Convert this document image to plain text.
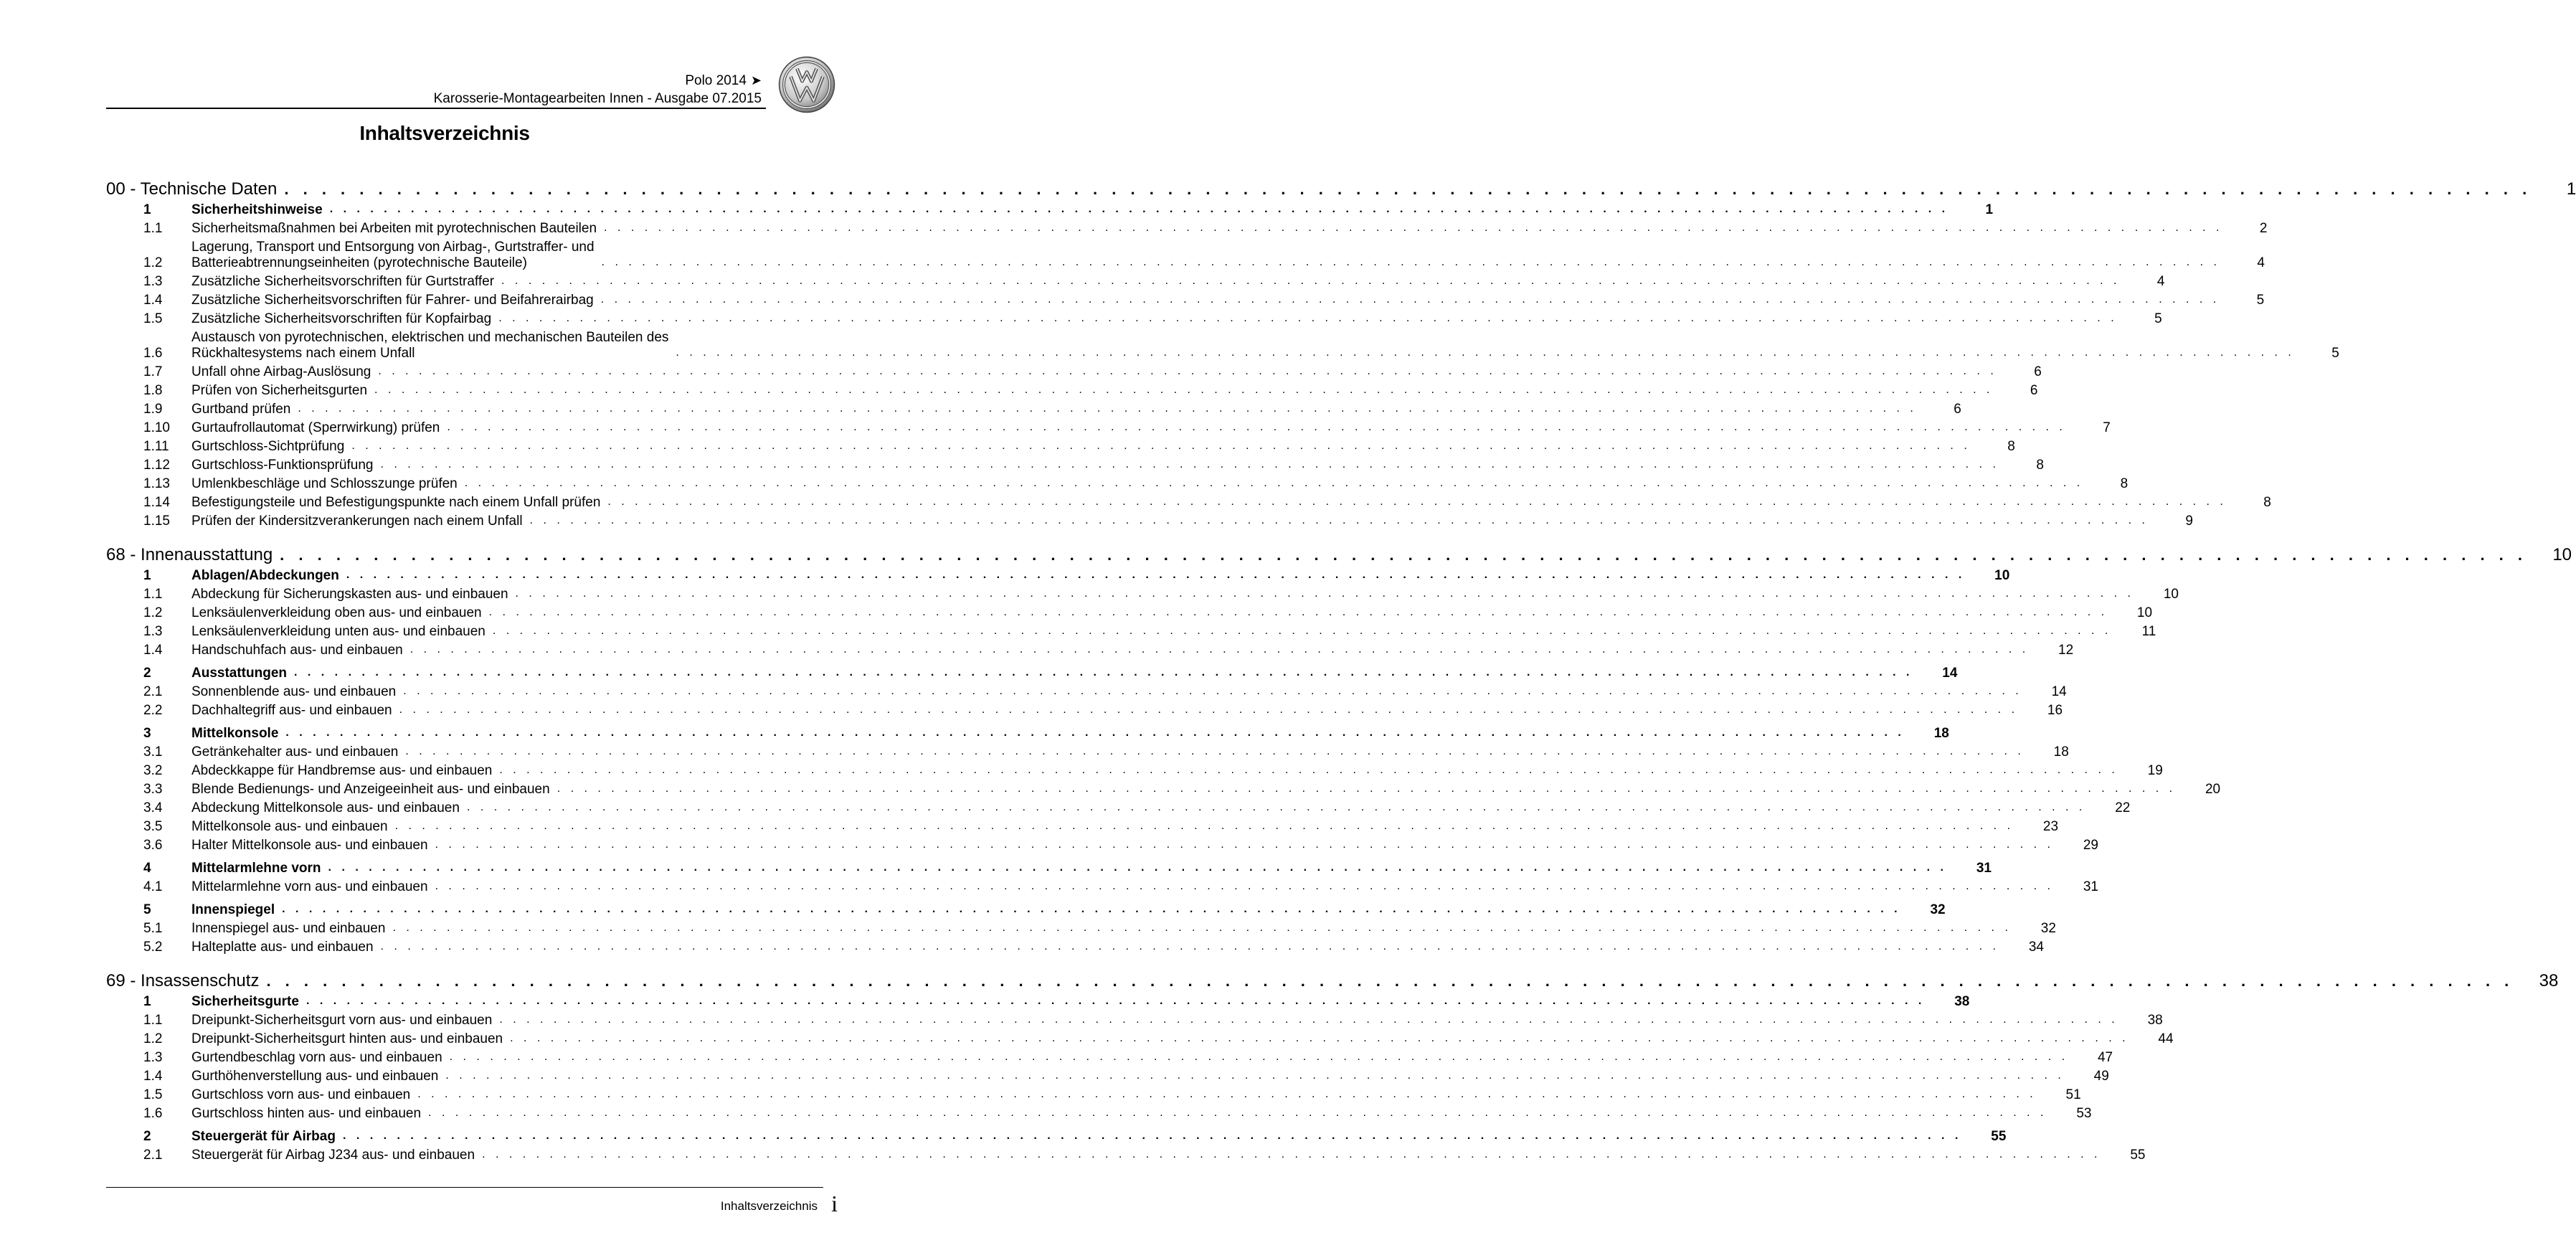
Polo 2014 ➤
Karosserie-Montagearbeiten Innen - Ausgabe 07.2015
Inhaltsverzeichnis
00 - Technische Daten . . . . . . . . . . . . . . . . . . . . . . . . . . . . . . . . . . . . . . . . . . . . . . . . . . . . . . . . . . . . . . . . . . . . . . . . . . . . . . . . . . . . . . . . . . . . . . . . . . . . . . . . . . . . . . . . . . . . . . . .	1
1	Sicherheitshinweise . . . . . . . . . . . . . . . . . . . . . . . . . . . . . . . . . . . . . . . . . . . . . . . . . . . . . . . . . . . . . . . . . . . . . . . . . . . . . . . . . . . . . . . . . . . . . . . . . . . . . . . . . . . . . . . . . . . . . . . .	1
1.1	Sicherheitsmaßnahmen bei Arbeiten mit pyrotechnischen Bauteilen . . . . . . . . . . . . . . . . . . . . . . . . . . . . . . . . . . . . . . . . . . . . . . . . . . . . . . . . . . . . . . . . . . . . . . . . . . . . . . . . . . . . . . . . . . . . . . . . . . . . . . . . . . . . . . . . . . . . . . . .	2
1.2
Lagerung, Transport und Entsorgung von Airbag-, Gurtstraffer- und
Batterieabtrennungseinheiten (pyrotechnische Bauteile)	. . . . . . . . . . . . . . . . . . . . . . . . . . . . . . . . . . . . . . . . . . . . . . . . . . . . . . . . . . . . . . . . . . . . . . . . . . . . . . . . . . . . . . . . . . . . . . . . . . . . . . . . . . . . . . . . . . . . . . . .	4
1.3	Zusätzliche Sicherheitsvorschriften für Gurtstraffer . . . . . . . . . . . . . . . . . . . . . . . . . . . . . . . . . . . . . . . . . . . . . . . . . . . . . . . . . . . . . . . . . . . . . . . . . . . . . . . . . . . . . . . . . . . . . . . . . . . . . . . . . . . . . . . . . . . . . . . .	4
1.4	Zusätzliche Sicherheitsvorschriften für Fahrer- und Beifahrerairbag . . . . . . . . . . . . . . . . . . . . . . . . . . . . . . . . . . . . . . . . . . . . . . . . . . . . . . . . . . . . . . . . . . . . . . . . . . . . . . . . . . . . . . . . . . . . . . . . . . . . . . . . . . . . . . . . . . . . . . . .	5
1.5	Zusätzliche Sicherheitsvorschriften für Kopfairbag . . . . . . . . . . . . . . . . . . . . . . . . . . . . . . . . . . . . . . . . . . . . . . . . . . . . . . . . . . . . . . . . . . . . . . . . . . . . . . . . . . . . . . . . . . . . . . . . . . . . . . . . . . . . . . . . . . . . . . . .	5
1.6
Austausch von pyrotechnischen, elektrischen und mechanischen Bauteilen des
Rückhaltesystems nach einem Unfall	. . . . . . . . . . . . . . . . . . . . . . . . . . . . . . . . . . . . . . . . . . . . . . . . . . . . . . . . . . . . . . . . . . . . . . . . . . . . . . . . . . . . . . . . . . . . . . . . . . . . . . . . . . . . . . . . . . . . . . . .	5
1.7	Unfall ohne Airbag-Auslösung . . . . . . . . . . . . . . . . . . . . . . . . . . . . . . . . . . . . . . . . . . . . . . . . . . . . . . . . . . . . . . . . . . . . . . . . . . . . . . . . . . . . . . . . . . . . . . . . . . . . . . . . . . . . . . . . . . . . . . . .	6
1.8	Prüfen von Sicherheitsgurten . . . . . . . . . . . . . . . . . . . . . . . . . . . . . . . . . . . . . . . . . . . . . . . . . . . . . . . . . . . . . . . . . . . . . . . . . . . . . . . . . . . . . . . . . . . . . . . . . . . . . . . . . . . . . . . . . . . . . . . .	6
1.9	Gurtband prüfen . . . . . . . . . . . . . . . . . . . . . . . . . . . . . . . . . . . . . . . . . . . . . . . . . . . . . . . . . . . . . . . . . . . . . . . . . . . . . . . . . . . . . . . . . . . . . . . . . . . . . . . . . . . . . . . . . . . . . . . .	6
1.10	Gurtaufrollautomat (Sperrwirkung) prüfen . . . . . . . . . . . . . . . . . . . . . . . . . . . . . . . . . . . . . . . . . . . . . . . . . . . . . . . . . . . . . . . . . . . . . . . . . . . . . . . . . . . . . . . . . . . . . . . . . . . . . . . . . . . . . . . . . . . . . . . .	7
1.11	Gurtschloss-Sichtprüfung . . . . . . . . . . . . . . . . . . . . . . . . . . . . . . . . . . . . . . . . . . . . . . . . . . . . . . . . . . . . . . . . . . . . . . . . . . . . . . . . . . . . . . . . . . . . . . . . . . . . . . . . . . . . . . . . . . . . . . . .	8
1.12	Gurtschloss-Funktionsprüfung . . . . . . . . . . . . . . . . . . . . . . . . . . . . . . . . . . . . . . . . . . . . . . . . . . . . . . . . . . . . . . . . . . . . . . . . . . . . . . . . . . . . . . . . . . . . . . . . . . . . . . . . . . . . . . . . . . . . . . . .	8
1.13	Umlenkbeschläge und Schlosszunge prüfen . . . . . . . . . . . . . . . . . . . . . . . . . . . . . . . . . . . . . . . . . . . . . . . . . . . . . . . . . . . . . . . . . . . . . . . . . . . . . . . . . . . . . . . . . . . . . . . . . . . . . . . . . . . . . . . . . . . . . . . .	8
1.14	Befestigungsteile und Befestigungspunkte nach einem Unfall prüfen . . . . . . . . . . . . . . . . . . . . . . . . . . . . . . . . . . . . . . . . . . . . . . . . . . . . . . . . . . . . . . . . . . . . . . . . . . . . . . . . . . . . . . . . . . . . . . . . . . . . . . . . . . . . . . . . . . . . . . . .	8
1.15	Prüfen der Kindersitzverankerungen nach einem Unfall . . . . . . . . . . . . . . . . . . . . . . . . . . . . . . . . . . . . . . . . . . . . . . . . . . . . . . . . . . . . . . . . . . . . . . . . . . . . . . . . . . . . . . . . . . . . . . . . . . . . . . . . . . . . . . . . . . . . . . . .	9
68 - Innenausstattung . . . . . . . . . . . . . . . . . . . . . . . . . . . . . . . . . . . . . . . . . . . . . . . . . . . . . . . . . . . . . . . . . . . . . . . . . . . . . . . . . . . . . . . . . . . . . . . . . . . . . . . . . . . . . . . . . . . . . . . .	10
1	Ablagen/Abdeckungen . . . . . . . . . . . . . . . . . . . . . . . . . . . . . . . . . . . . . . . . . . . . . . . . . . . . . . . . . . . . . . . . . . . . . . . . . . . . . . . . . . . . . . . . . . . . . . . . . . . . . . . . . . . . . . . . . . . . . . . .	10
1.1	Abdeckung für Sicherungskasten aus- und einbauen . . . . . . . . . . . . . . . . . . . . . . . . . . . . . . . . . . . . . . . . . . . . . . . . . . . . . . . . . . . . . . . . . . . . . . . . . . . . . . . . . . . . . . . . . . . . . . . . . . . . . . . . . . . . . . . . . . . . . . . .	10
1.2	Lenksäulenverkleidung oben aus- und einbauen . . . . . . . . . . . . . . . . . . . . . . . . . . . . . . . . . . . . . . . . . . . . . . . . . . . . . . . . . . . . . . . . . . . . . . . . . . . . . . . . . . . . . . . . . . . . . . . . . . . . . . . . . . . . . . . . . . . . . . . .	10
1.3	Lenksäulenverkleidung unten aus- und einbauen . . . . . . . . . . . . . . . . . . . . . . . . . . . . . . . . . . . . . . . . . . . . . . . . . . . . . . . . . . . . . . . . . . . . . . . . . . . . . . . . . . . . . . . . . . . . . . . . . . . . . . . . . . . . . . . . . . . . . . . .	11
1.4	Handschuhfach aus- und einbauen . . . . . . . . . . . . . . . . . . . . . . . . . . . . . . . . . . . . . . . . . . . . . . . . . . . . . . . . . . . . . . . . . . . . . . . . . . . . . . . . . . . . . . . . . . . . . . . . . . . . . . . . . . . . . . . . . . . . . . . .	12
2	Ausstattungen . . . . . . . . . . . . . . . . . . . . . . . . . . . . . . . . . . . . . . . . . . . . . . . . . . . . . . . . . . . . . . . . . . . . . . . . . . . . . . . . . . . . . . . . . . . . . . . . . . . . . . . . . . . . . . . . . . . . . . . .	14
2.1	Sonnenblende aus- und einbauen . . . . . . . . . . . . . . . . . . . . . . . . . . . . . . . . . . . . . . . . . . . . . . . . . . . . . . . . . . . . . . . . . . . . . . . . . . . . . . . . . . . . . . . . . . . . . . . . . . . . . . . . . . . . . . . . . . . . . . . .	14
2.2	Dachhaltegriff aus- und einbauen . . . . . . . . . . . . . . . . . . . . . . . . . . . . . . . . . . . . . . . . . . . . . . . . . . . . . . . . . . . . . . . . . . . . . . . . . . . . . . . . . . . . . . . . . . . . . . . . . . . . . . . . . . . . . . . . . . . . . . . .	16
3	Mittelkonsole . . . . . . . . . . . . . . . . . . . . . . . . . . . . . . . . . . . . . . . . . . . . . . . . . . . . . . . . . . . . . . . . . . . . . . . . . . . . . . . . . . . . . . . . . . . . . . . . . . . . . . . . . . . . . . . . . . . . . . . .	18
3.1	Getränkehalter aus- und einbauen . . . . . . . . . . . . . . . . . . . . . . . . . . . . . . . . . . . . . . . . . . . . . . . . . . . . . . . . . . . . . . . . . . . . . . . . . . . . . . . . . . . . . . . . . . . . . . . . . . . . . . . . . . . . . . . . . . . . . . . .	18
3.2	Abdeckkappe für Handbremse aus- und einbauen . . . . . . . . . . . . . . . . . . . . . . . . . . . . . . . . . . . . . . . . . . . . . . . . . . . . . . . . . . . . . . . . . . . . . . . . . . . . . . . . . . . . . . . . . . . . . . . . . . . . . . . . . . . . . . . . . . . . . . . .	19
3.3	Blende Bedienungs- und Anzeigeeinheit aus- und einbauen . . . . . . . . . . . . . . . . . . . . . . . . . . . . . . . . . . . . . . . . . . . . . . . . . . . . . . . . . . . . . . . . . . . . . . . . . . . . . . . . . . . . . . . . . . . . . . . . . . . . . . . . . . . . . . . . . . . . . . . .	20
3.4	Abdeckung Mittelkonsole aus- und einbauen . . . . . . . . . . . . . . . . . . . . . . . . . . . . . . . . . . . . . . . . . . . . . . . . . . . . . . . . . . . . . . . . . . . . . . . . . . . . . . . . . . . . . . . . . . . . . . . . . . . . . . . . . . . . . . . . . . . . . . . .	22
3.5	Mittelkonsole aus- und einbauen . . . . . . . . . . . . . . . . . . . . . . . . . . . . . . . . . . . . . . . . . . . . . . . . . . . . . . . . . . . . . . . . . . . . . . . . . . . . . . . . . . . . . . . . . . . . . . . . . . . . . . . . . . . . . . . . . . . . . . . .	23
3.6	Halter Mittelkonsole aus- und einbauen . . . . . . . . . . . . . . . . . . . . . . . . . . . . . . . . . . . . . . . . . . . . . . . . . . . . . . . . . . . . . . . . . . . . . . . . . . . . . . . . . . . . . . . . . . . . . . . . . . . . . . . . . . . . . . . . . . . . . . . .	29
4	Mittelarmlehne vorn . . . . . . . . . . . . . . . . . . . . . . . . . . . . . . . . . . . . . . . . . . . . . . . . . . . . . . . . . . . . . . . . . . . . . . . . . . . . . . . . . . . . . . . . . . . . . . . . . . . . . . . . . . . . . . . . . . . . . . . .	31
4.1	Mittelarmlehne vorn aus- und einbauen . . . . . . . . . . . . . . . . . . . . . . . . . . . . . . . . . . . . . . . . . . . . . . . . . . . . . . . . . . . . . . . . . . . . . . . . . . . . . . . . . . . . . . . . . . . . . . . . . . . . . . . . . . . . . . . . . . . . . . . .	31
5	Innenspiegel . . . . . . . . . . . . . . . . . . . . . . . . . . . . . . . . . . . . . . . . . . . . . . . . . . . . . . . . . . . . . . . . . . . . . . . . . . . . . . . . . . . . . . . . . . . . . . . . . . . . . . . . . . . . . . . . . . . . . . . .	32
5.1	Innenspiegel aus- und einbauen . . . . . . . . . . . . . . . . . . . . . . . . . . . . . . . . . . . . . . . . . . . . . . . . . . . . . . . . . . . . . . . . . . . . . . . . . . . . . . . . . . . . . . . . . . . . . . . . . . . . . . . . . . . . . . . . . . . . . . . .	32
5.2	Halteplatte aus- und einbauen . . . . . . . . . . . . . . . . . . . . . . . . . . . . . . . . . . . . . . . . . . . . . . . . . . . . . . . . . . . . . . . . . . . . . . . . . . . . . . . . . . . . . . . . . . . . . . . . . . . . . . . . . . . . . . . . . . . . . . . .	34
69 - Insassenschutz . . . . . . . . . . . . . . . . . . . . . . . . . . . . . . . . . . . . . . . . . . . . . . . . . . . . . . . . . . . . . . . . . . . . . . . . . . . . . . . . . . . . . . . . . . . . . . . . . . . . . . . . . . . . . . . . . . . . . . . .	38
1	Sicherheitsgurte . . . . . . . . . . . . . . . . . . . . . . . . . . . . . . . . . . . . . . . . . . . . . . . . . . . . . . . . . . . . . . . . . . . . . . . . . . . . . . . . . . . . . . . . . . . . . . . . . . . . . . . . . . . . . . . . . . . . . . . .	38
1.1	Dreipunkt-Sicherheitsgurt vorn aus- und einbauen . . . . . . . . . . . . . . . . . . . . . . . . . . . . . . . . . . . . . . . . . . . . . . . . . . . . . . . . . . . . . . . . . . . . . . . . . . . . . . . . . . . . . . . . . . . . . . . . . . . . . . . . . . . . . . . . . . . . . . . .	38
1.2	Dreipunkt-Sicherheitsgurt hinten aus- und einbauen . . . . . . . . . . . . . . . . . . . . . . . . . . . . . . . . . . . . . . . . . . . . . . . . . . . . . . . . . . . . . . . . . . . . . . . . . . . . . . . . . . . . . . . . . . . . . . . . . . . . . . . . . . . . . . . . . . . . . . . .	44
1.3	Gurtendbeschlag vorn aus- und einbauen . . . . . . . . . . . . . . . . . . . . . . . . . . . . . . . . . . . . . . . . . . . . . . . . . . . . . . . . . . . . . . . . . . . . . . . . . . . . . . . . . . . . . . . . . . . . . . . . . . . . . . . . . . . . . . . . . . . . . . . .	47
1.4	Gurthöhenverstellung aus- und einbauen . . . . . . . . . . . . . . . . . . . . . . . . . . . . . . . . . . . . . . . . . . . . . . . . . . . . . . . . . . . . . . . . . . . . . . . . . . . . . . . . . . . . . . . . . . . . . . . . . . . . . . . . . . . . . . . . . . . . . . . .	49
1.5	Gurtschloss vorn aus- und einbauen . . . . . . . . . . . . . . . . . . . . . . . . . . . . . . . . . . . . . . . . . . . . . . . . . . . . . . . . . . . . . . . . . . . . . . . . . . . . . . . . . . . . . . . . . . . . . . . . . . . . . . . . . . . . . . . . . . . . . . . .	51
1.6	Gurtschloss hinten aus- und einbauen . . . . . . . . . . . . . . . . . . . . . . . . . . . . . . . . . . . . . . . . . . . . . . . . . . . . . . . . . . . . . . . . . . . . . . . . . . . . . . . . . . . . . . . . . . . . . . . . . . . . . . . . . . . . . . . . . . . . . . . .	53
2	Steuergerät für Airbag . . . . . . . . . . . . . . . . . . . . . . . . . . . . . . . . . . . . . . . . . . . . . . . . . . . . . . . . . . . . . . . . . . . . . . . . . . . . . . . . . . . . . . . . . . . . . . . . . . . . . . . . . . . . . . . . . . . . . . . .	55
2.1	Steuergerät für Airbag J234 aus- und einbauen . . . . . . . . . . . . . . . . . . . . . . . . . . . . . . . . . . . . . . . . . . . . . . . . . . . . . . . . . . . . . . . . . . . . . . . . . . . . . . . . . . . . . . . . . . . . . . . . . . . . . . . . . . . . . . . . . . . . . . . .	55
Inhaltsverzeichnis i
